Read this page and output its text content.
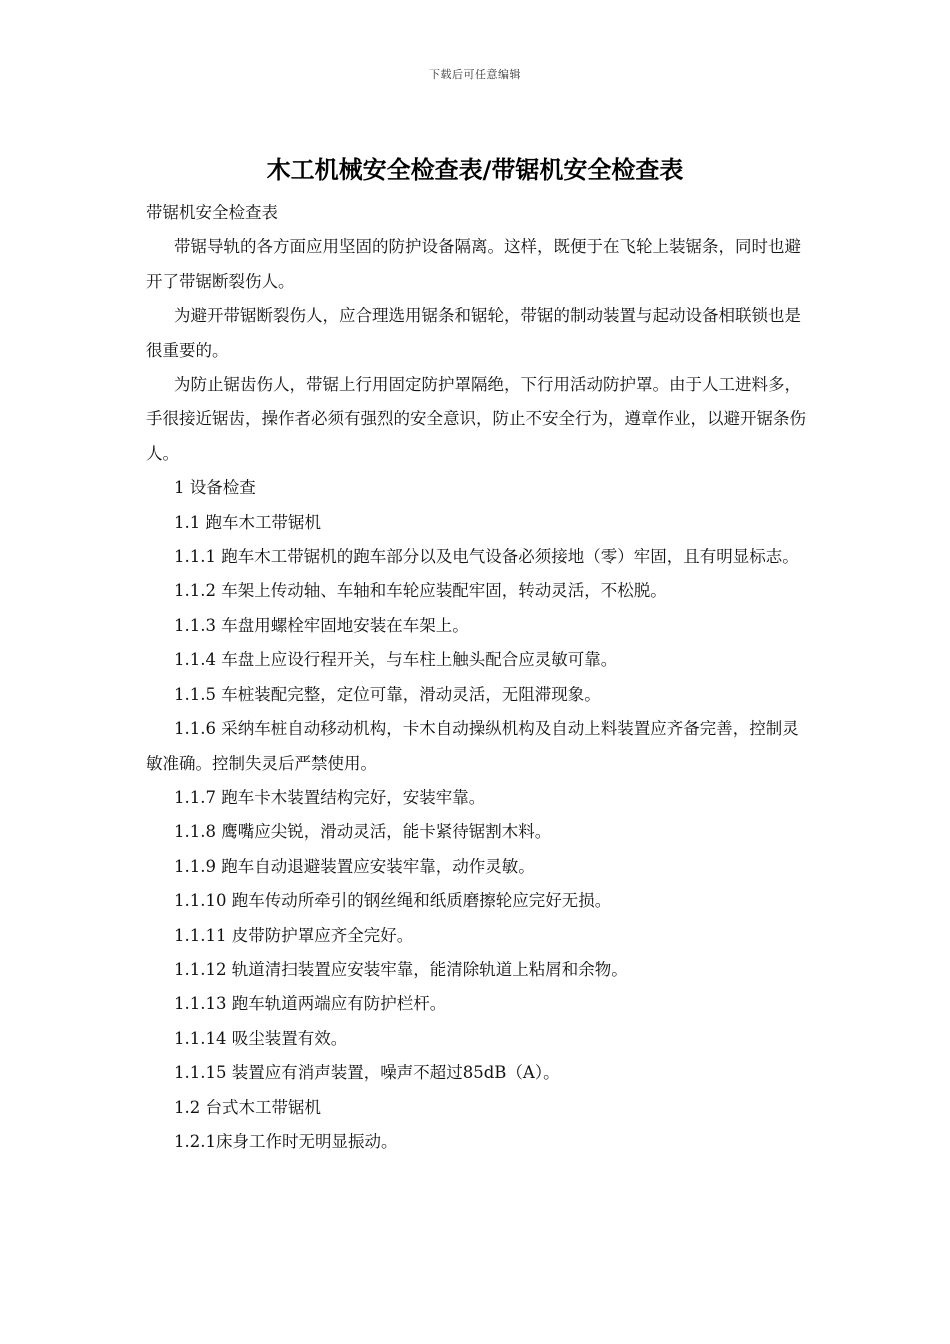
下载后可任意编辑
木工机械安全检查表/带锯机安全检查表

带锯机安全检查表

带锯导轨的各方面应用坚固的防护设备隔离。这样，既便于在飞轮上装锯条，同时也避开了带锯断裂伤人。

为避开带锯断裂伤人，应合理选用锯条和锯轮，带锯的制动装置与起动设备相联锁也是很重要的。

为防止锯齿伤人，带锯上行用固定防护罩隔绝，下行用活动防护罩。由于人工进料多，手很接近锯齿，操作者必须有强烈的安全意识，防止不安全行为，遵章作业，以避开锯条伤人。

1 设备检查

1.1 跑车木工带锯机

1.1.1 跑车木工带锯机的跑车部分以及电气设备必须接地（零）牢固，且有明显标志。

1.1.2 车架上传动轴、车轴和车轮应装配牢固，转动灵活，不松脱。

1.1.3 车盘用螺栓牢固地安装在车架上。

1.1.4 车盘上应设行程开关，与车柱上触头配合应灵敏可靠。

1.1.5 车桩装配完整，定位可靠，滑动灵活，无阻滞现象。

1.1.6 采纳车桩自动移动机构，卡木自动操纵机构及自动上料装置应齐备完善，控制灵敏准确。控制失灵后严禁使用。

1.1.7 跑车卡木装置结构完好，安装牢靠。

1.1.8 鹰嘴应尖锐，滑动灵活，能卡紧待锯割木料。

1.1.9 跑车自动退避装置应安装牢靠，动作灵敏。

1.1.10 跑车传动所牵引的钢丝绳和纸质磨擦轮应完好无损。

1.1.11 皮带防护罩应齐全完好。

1.1.12 轨道清扫装置应安装牢靠，能清除轨道上粘屑和余物。

1.1.13 跑车轨道两端应有防护栏杆。

1.1.14 吸尘装置有效。

1.1.15 装置应有消声装置，噪声不超过85dB（A）。

1.2 台式木工带锯机

1.2.1床身工作时无明显振动。
